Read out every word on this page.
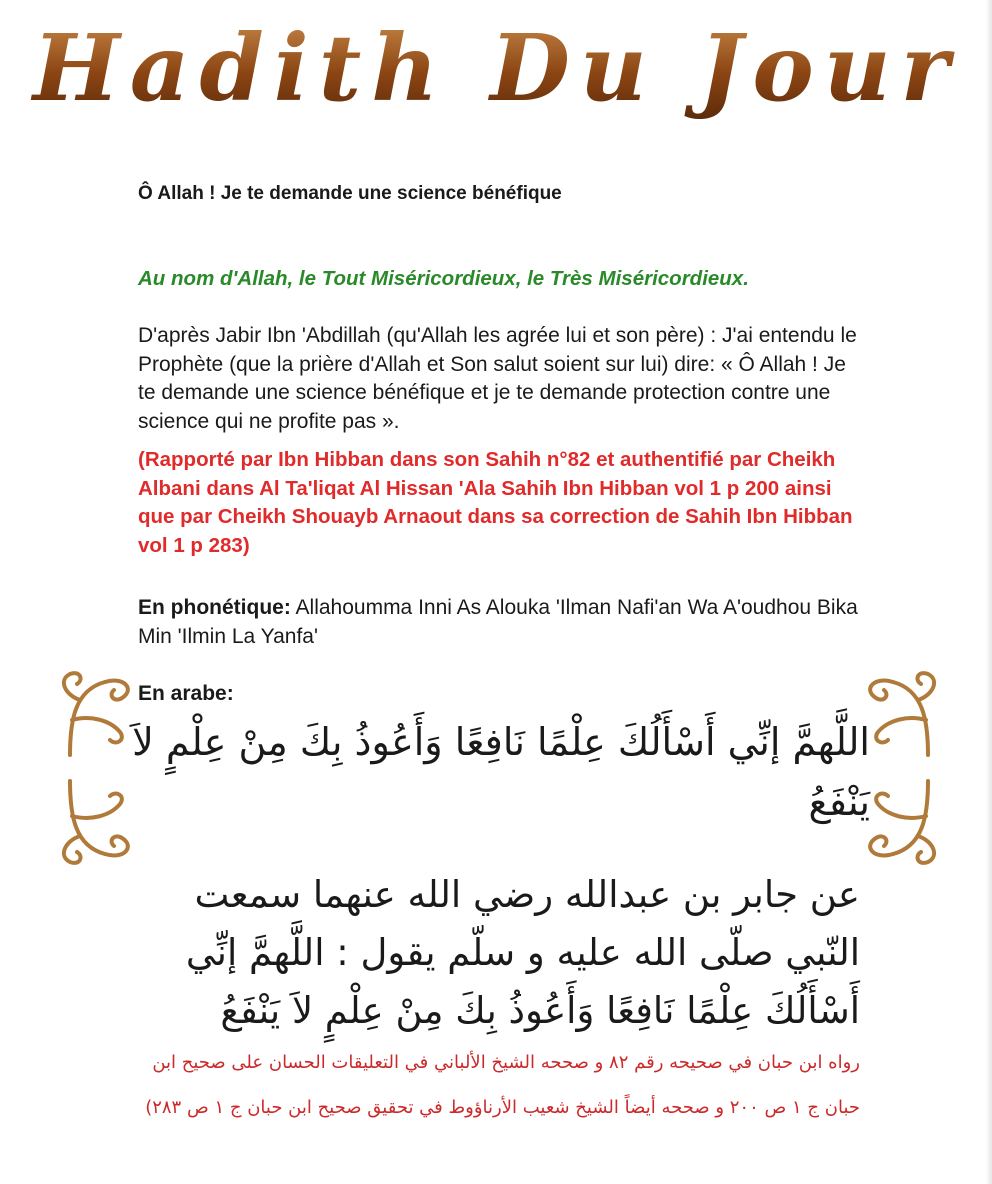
Hadith Du Jour

Ô Allah ! Je te demande une science bénéfique

Au nom d'Allah, le Tout Miséricordieux, le Très Miséricordieux.

D'après Jabir Ibn 'Abdillah (qu'Allah les agrée lui et son père) : J'ai entendu le Prophète (que la prière d'Allah et Son salut soient sur lui) dire: « Ô Allah ! Je te demande une science bénéfique et je te demande protection contre une science qui ne profite pas ».

(Rapporté par Ibn Hibban dans son Sahih n°82 et authentifié par Cheikh Albani dans Al Ta'liqat Al Hissan 'Ala Sahih Ibn Hibban vol 1 p 200 ainsi que par Cheikh Shouayb Arnaout dans sa correction de Sahih Ibn Hibban vol 1 p 283)

En phonétique: Allahoumma Inni As Alouka 'Ilman Nafi'an Wa A'oudhou Bika Min 'Ilmin La Yanfa'

En arabe:

اللَّهمَّ إنِّي أَسْأَلُكَ عِلْمًا نَافِعًا وَأَعُوذُ بِكَ مِنْ عِلْمٍ لاَ يَنْفَعُ

عن جابر بن عبدالله رضي الله عنهما سمعت النّبي صلّى الله عليه و سلّم يقول : اللَّهمَّ إنِّي أَسْأَلُكَ عِلْمًا نَافِعًا وَأَعُوذُ بِكَ مِنْ عِلْمٍ لاَ يَنْفَعُ

رواه ابن حبان في صحيحه رقم ٨٢ و صححه الشيخ الألباني في التعليقات الحسان على صحيح ابن حبان ج ١ ص ٢٠٠ و صححه أيضاً الشيخ شعيب الأرناؤوط في تحقيق صحيح ابن حبان ج ١ ص ٢٨٣)
